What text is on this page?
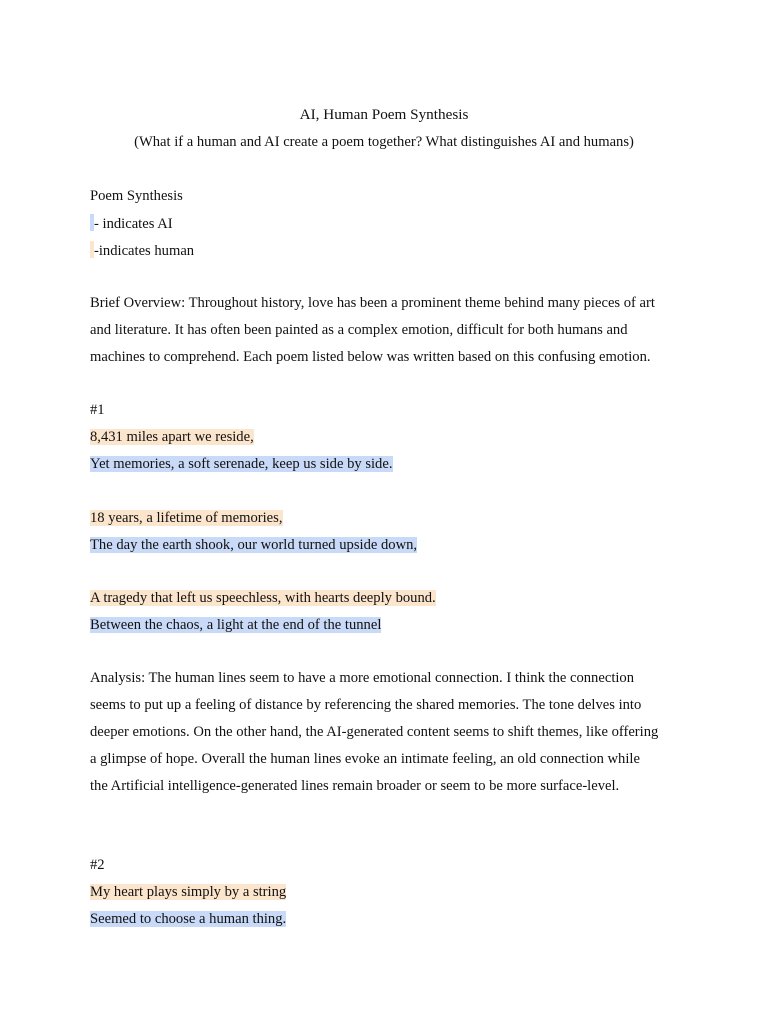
AI, Human Poem Synthesis
(What if a human and AI create a poem together? What distinguishes AI and humans)
Poem Synthesis
- indicates AI
-indicates human
Brief Overview: Throughout history, love has been a prominent theme behind many pieces of art
and literature. It has often been painted as a complex emotion, difficult for both humans and
machines to comprehend. Each poem listed below was written based on this confusing emotion.
#1
8,431 miles apart we reside,
Yet memories, a soft serenade, keep us side by side.
18 years, a lifetime of memories,
The day the earth shook, our world turned upside down,
A tragedy that left us speechless, with hearts deeply bound.
Between the chaos, a light at the end of the tunnel
Analysis: The human lines seem to have a more emotional connection. I think the connection
seems to put up a feeling of distance by referencing the shared memories. The tone delves into
deeper emotions. On the other hand, the AI-generated content seems to shift themes, like offering
a glimpse of hope. Overall the human lines evoke an intimate feeling, an old connection while
the Artificial intelligence-generated lines remain broader or seem to be more surface-level.
#2
My heart plays simply by a string
Seemed to choose a human thing.
